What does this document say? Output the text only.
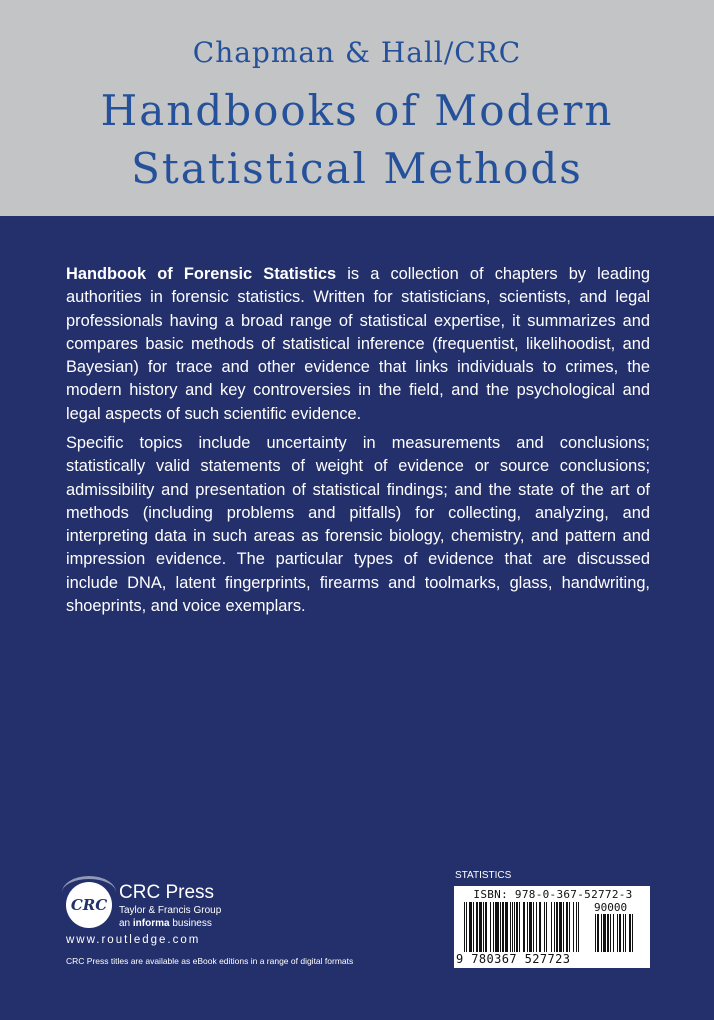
Chapman & Hall/CRC
Handbooks of Modern
Statistical Methods
Handbook of Forensic Statistics is a collection of chapters by leading authorities in forensic statistics. Written for statisticians, scientists, and legal professionals having a broad range of statistical expertise, it summarizes and compares basic methods of statistical inference (frequentist, likelihoodist, and Bayesian) for trace and other evidence that links individuals to crimes, the modern history and key controversies in the field, and the psychological and legal aspects of such scientific evidence.
Specific topics include uncertainty in measurements and conclusions; statistically valid statements of weight of evidence or source conclusions; admissibility and presentation of statistical findings; and the state of the art of methods (including problems and pitfalls) for collecting, analyzing, and interpreting data in such areas as forensic biology, chemistry, and pattern and impression evidence. The particular types of evidence that are discussed include DNA, latent fingerprints, firearms and toolmarks, glass, handwriting, shoeprints, and voice exemplars.
CRC
CRC Press
Taylor & Francis Group
an informa business
www.routledge.com
CRC Press titles are available as eBook editions in a range of digital formats
STATISTICS
ISBN: 978-0-367-52772-3
90000
9 780367 527723
